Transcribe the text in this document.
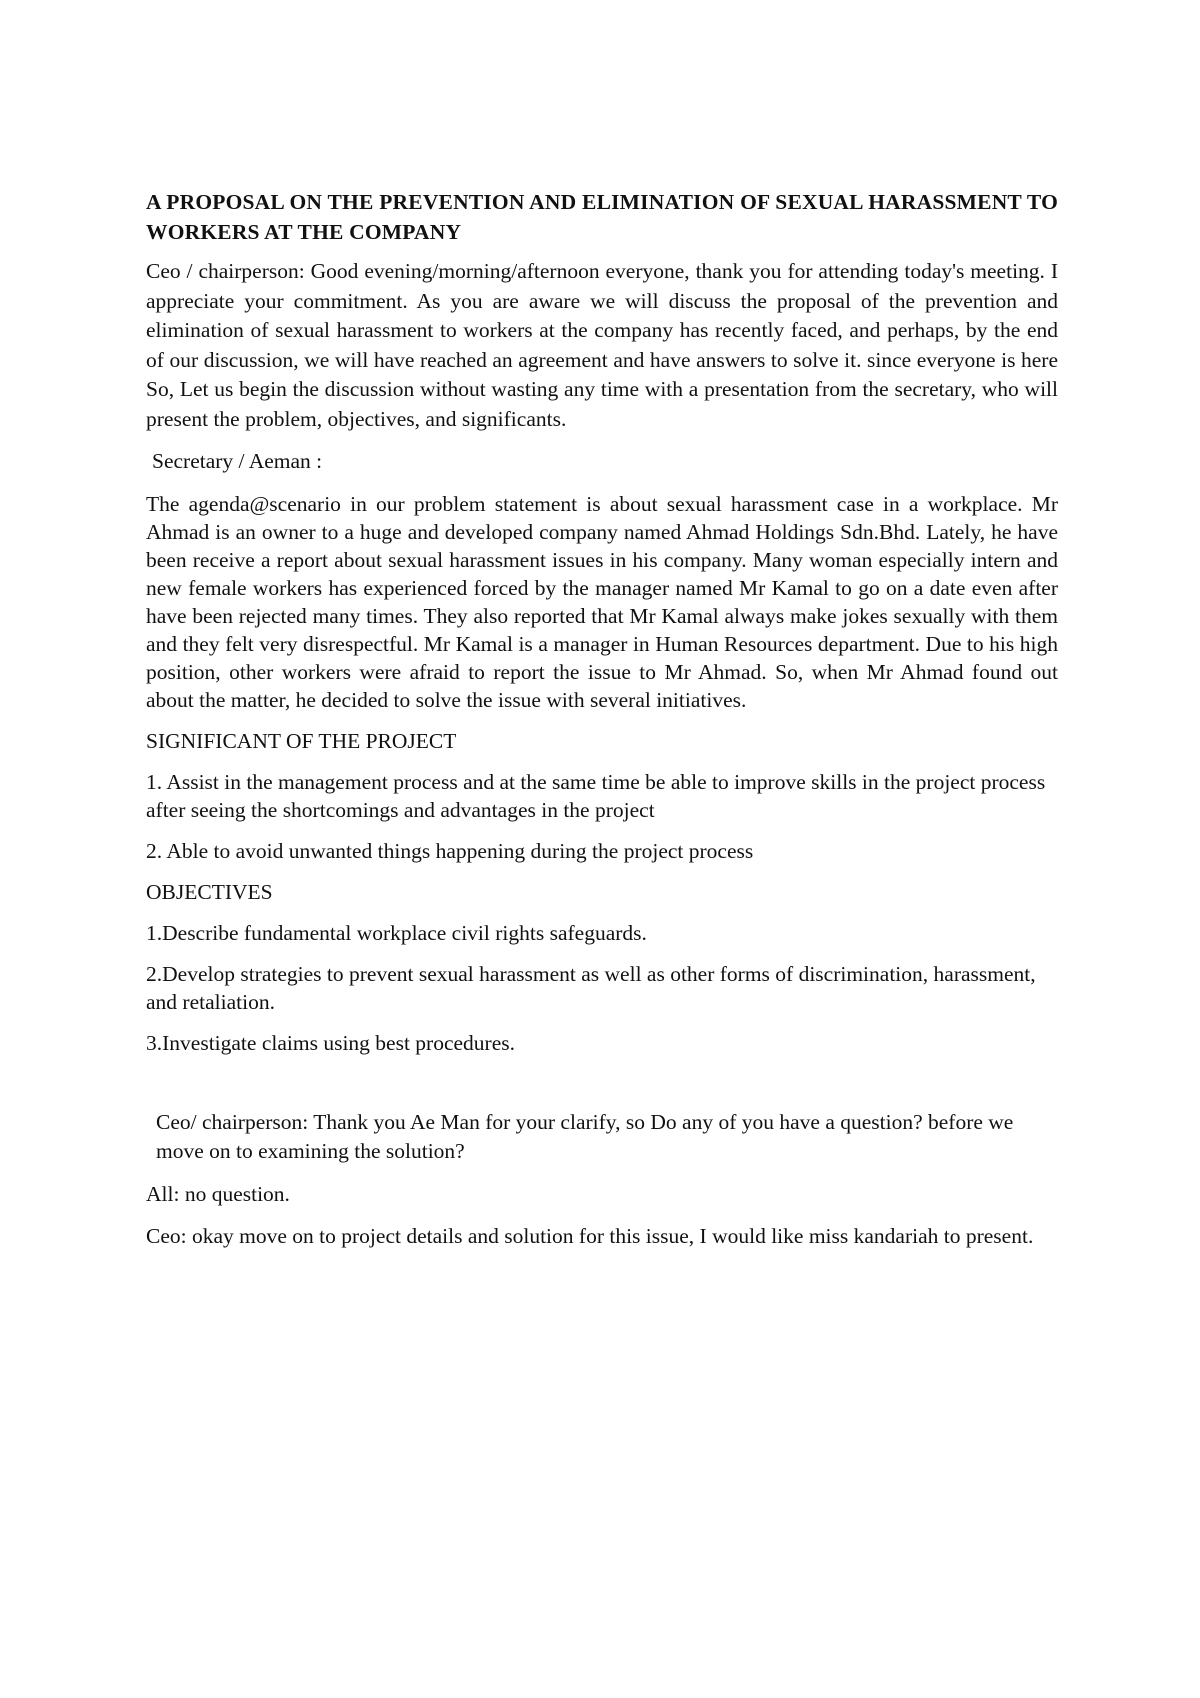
A PROPOSAL ON THE PREVENTION AND ELIMINATION OF SEXUAL HARASSMENT TO WORKERS AT THE COMPANY

Ceo / chairperson: Good evening/morning/afternoon everyone, thank you for attending today's meeting. I appreciate your commitment. As you are aware we will discuss the proposal of the prevention and elimination of sexual harassment to workers at the company has recently faced, and perhaps, by the end of our discussion, we will have reached an agreement and have answers to solve it. since everyone is here So, Let us begin the discussion without wasting any time with a presentation from the secretary, who will present the problem, objectives, and significants.

Secretary / Aeman :

The agenda@scenario in our problem statement is about sexual harassment case in a workplace. Mr Ahmad is an owner to a huge and developed company named Ahmad Holdings Sdn.Bhd. Lately, he have been receive a report about sexual harassment issues in his company. Many woman especially intern and new female workers has experienced forced by the manager named Mr Kamal to go on a date even after have been rejected many times. They also reported that Mr Kamal always make jokes sexually with them and they felt very disrespectful. Mr Kamal is a manager in Human Resources department. Due to his high position, other workers were afraid to report the issue to Mr Ahmad. So, when Mr Ahmad found out about the matter, he decided to solve the issue with several initiatives.

SIGNIFICANT OF THE PROJECT

1. Assist in the management process and at the same time be able to improve skills in the project process after seeing the shortcomings and advantages in the project

2. Able to avoid unwanted things happening during the project process

OBJECTIVES

1.Describe fundamental workplace civil rights safeguards.

2.Develop strategies to prevent sexual harassment as well as other forms of discrimination, harassment, and retaliation.

3.Investigate claims using best procedures.

Ceo/ chairperson: Thank you Ae Man for your clarify, so Do any of you have a question? before we move on to examining the solution?

All: no question.

Ceo: okay move on to project details and solution for this issue, I would like miss kandariah to present.
